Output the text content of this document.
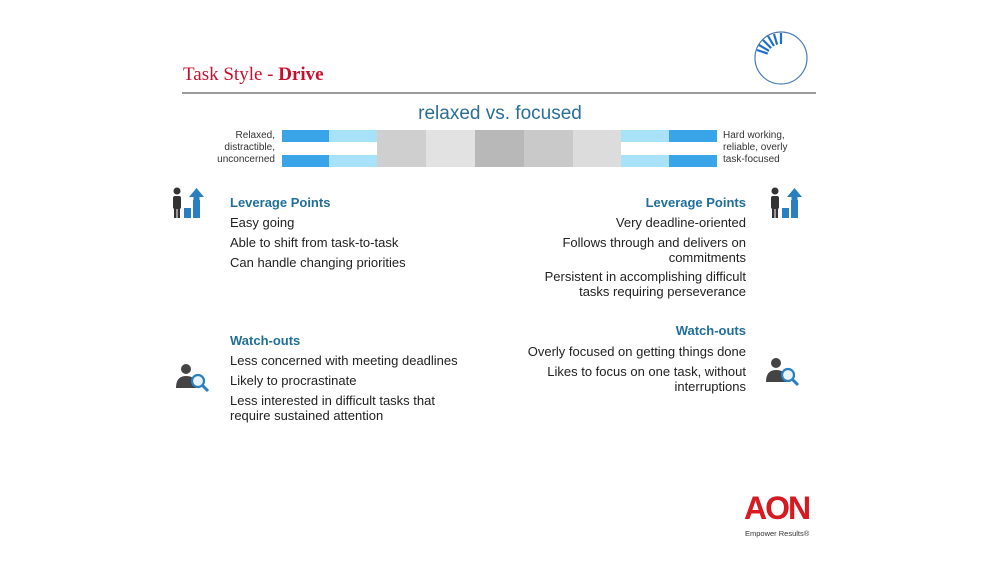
Task Style - Drive
relaxed vs. focused
Relaxed,
distractible,
unconcerned
Hard working,
reliable, overly
task-focused
Leverage Points
Easy going
Able to shift from task-to-task
Can handle changing priorities
Watch-outs
Less concerned with meeting deadlines
Likely to procrastinate
Less interested in difficult tasks that
require sustained attention
Leverage Points
Very deadline-oriented
Follows through and delivers on
commitments
Persistent in accomplishing difficult
tasks requiring perseverance
Watch-outs
Overly focused on getting things done
Likes to focus on one task, without
interruptions
AON
Empower Results®
